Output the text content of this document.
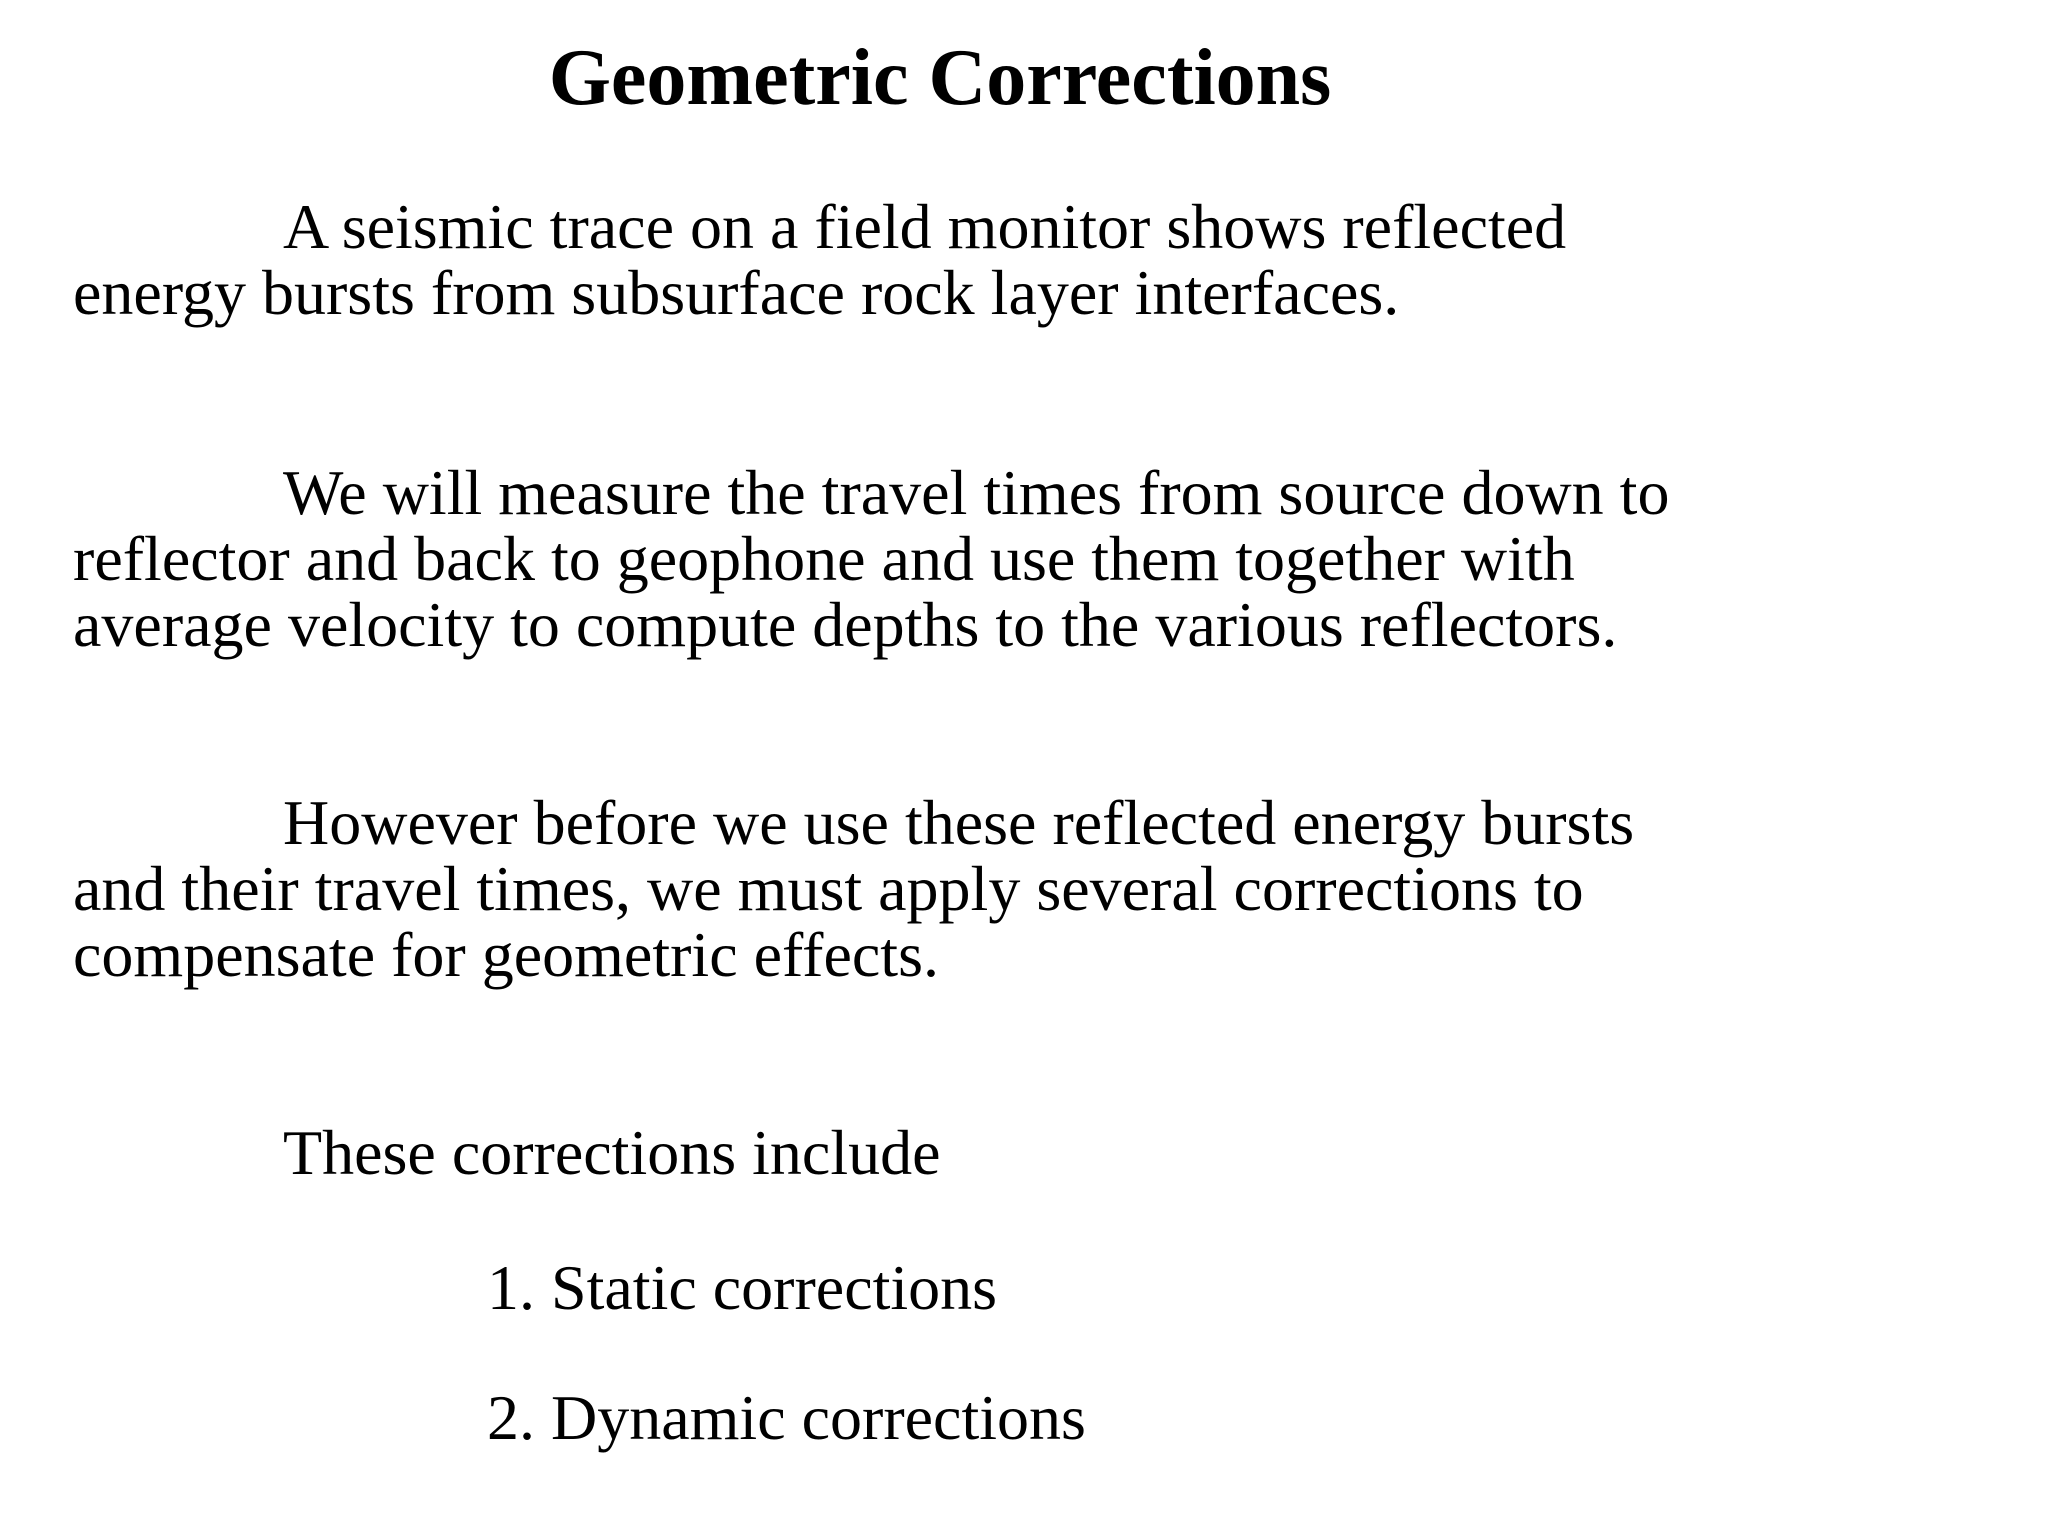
Geometric Corrections

A seismic trace on a field monitor shows reflected
energy bursts from subsurface rock layer interfaces.

We will measure the travel times from source down to
reflector and back to geophone and use them together with
average velocity to compute depths to the various reflectors.

However before we use these reflected energy bursts
and their travel times, we must apply several corrections to
compensate for geometric effects.

These corrections include

1. Static corrections
2. Dynamic corrections
